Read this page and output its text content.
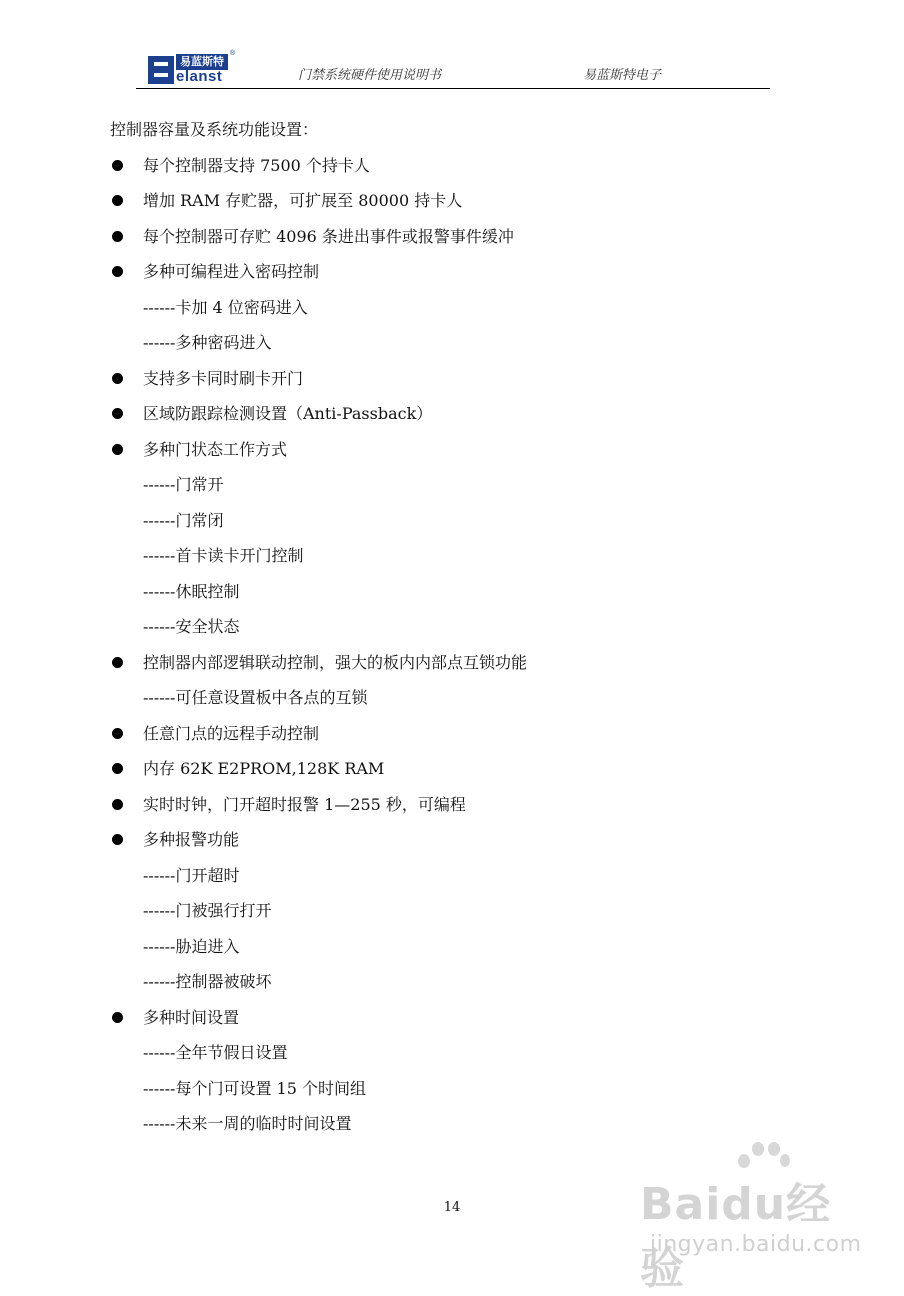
易蓝斯特
elanst
®
门禁系统硬件使用说明书	易蓝斯特电子
控制器容量及系统功能设置：
每个控制器支持 7500 个持卡人
增加 RAM 存贮器，可扩展至 80000 持卡人
每个控制器可存贮 4096 条进出事件或报警事件缓冲
多种可编程进入密码控制
------卡加 4 位密码进入
------多种密码进入
支持多卡同时刷卡开门
区域防跟踪检测设置（Anti-Passback）
多种门状态工作方式
------门常开
------门常闭
------首卡读卡开门控制
------休眠控制
------安全状态
控制器内部逻辑联动控制，强大的板内内部点互锁功能
------可任意设置板中各点的互锁
任意门点的远程手动控制
内存 62K E2PROM,128K RAM
实时时钟，门开超时报警 1—255 秒，可编程
多种报警功能
------门开超时
------门被强行打开
------胁迫进入
------控制器被破坏
多种时间设置
------全年节假日设置
------每个门可设置 15 个时间组
------未来一周的临时时间设置
14	Baidu经验
jingyan.baidu.com
